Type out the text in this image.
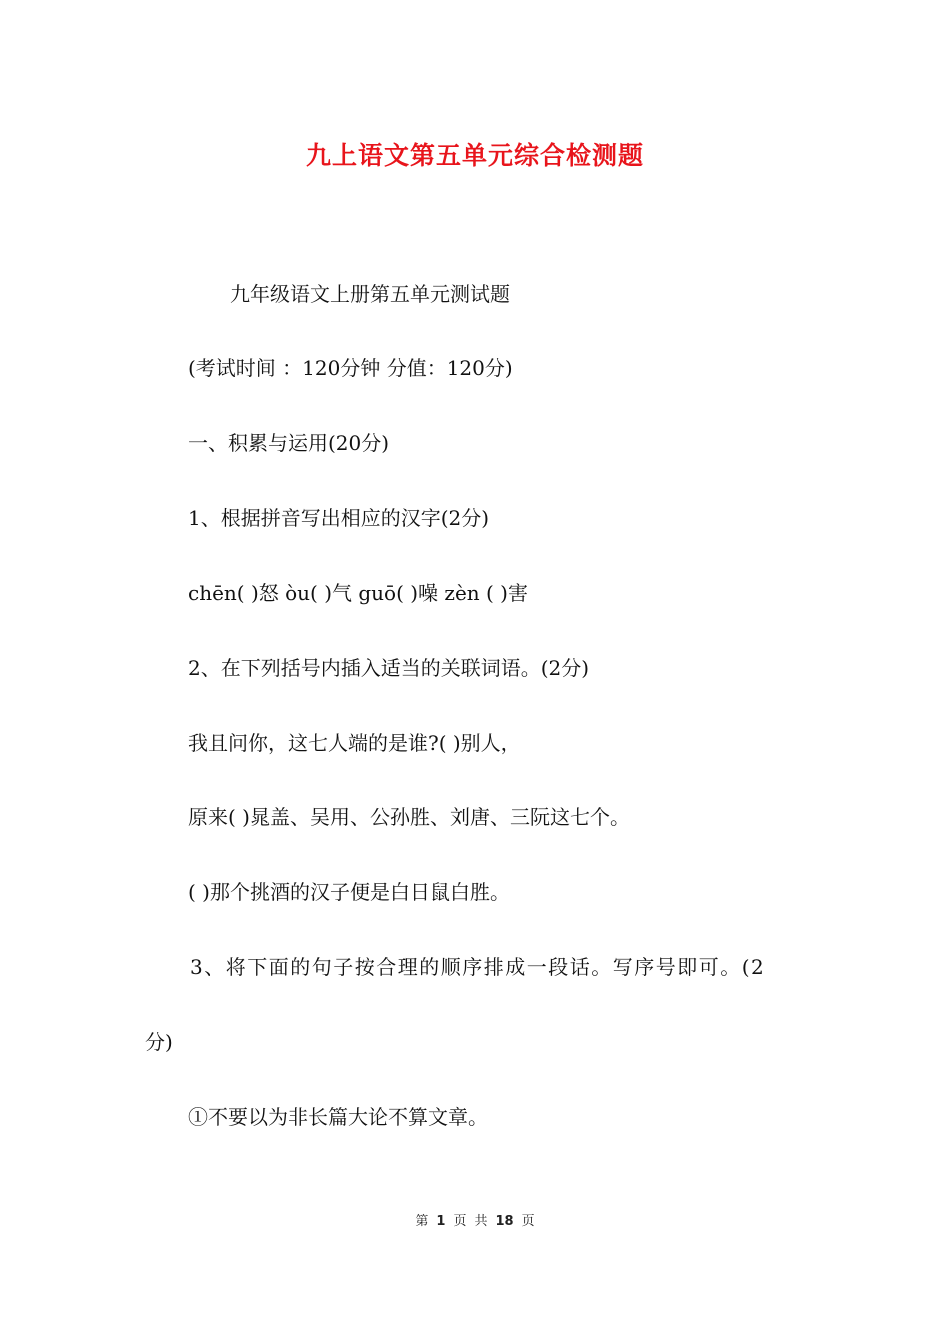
九上语文第五单元综合检测题
九年级语文上册第五单元测试题
(考试时间 ：120分钟 分值：120分)
一、积累与运用(20分)
1、根据拼音写出相应的汉字(2分)
chēn( )怒 òu( )气 guō( )噪 zèn ( )害
2、在下列括号内插入适当的关联词语。(2分)
我且问你，这七人端的是谁?( )别人，
原来( )晁盖、吴用、公孙胜、刘唐、三阮这七个。
( )那个挑酒的汉子便是白日鼠白胜。
3、将下面的句子按合理的顺序排成一段话。写序号即可。(2
分)
①不要以为非长篇大论不算文章。
第 1 页 共 18 页
